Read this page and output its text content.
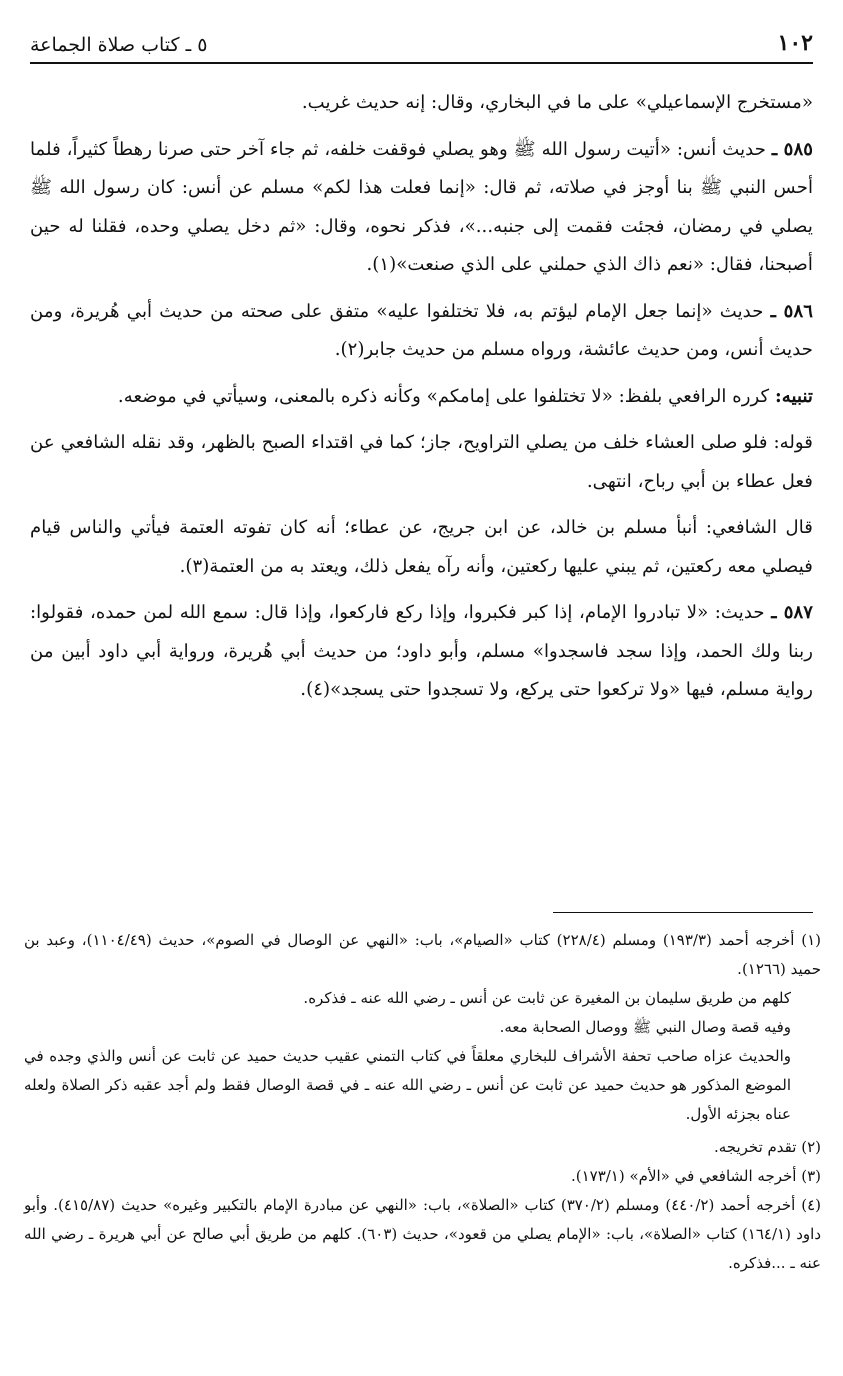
١٠٢
٥ ـ كتاب صلاة الجماعة

«مستخرج الإسماعيلي» على ما في البخاري، وقال: إنه حديث غريب.

٥٨٥ ـ حديث أنس: «أتيت رسول الله ﷺ وهو يصلي فوقفت خلفه، ثم جاء آخر حتى صرنا رهطاً كثيراً، فلما أحس النبي ﷺ بنا أوجز في صلاته، ثم قال: «إنما فعلت هذا لكم» مسلم عن أنس: كان رسول الله ﷺ يصلي في رمضان، فجئت فقمت إلى جنبه...»، فذكر نحوه، وقال: «ثم دخل يصلي وحده، فقلنا له حين أصبحنا، فقال: «نعم ذاك الذي حملني على الذي صنعت»(١).

٥٨٦ ـ حديث «إنما جعل الإمام ليؤتم به، فلا تختلفوا عليه» متفق على صحته من حديث أبي هُريرة، ومن حديث أنس، ومن حديث عائشة، ورواه مسلم من حديث جابر(٢).

تنبيه: كرره الرافعي بلفظ: «لا تختلفوا على إمامكم» وكأنه ذكره بالمعنى، وسيأتي في موضعه.

قوله: فلو صلى العشاء خلف من يصلي التراويح، جاز؛ كما في اقتداء الصبح بالظهر، وقد نقله الشافعي عن فعل عطاء بن أبي رباح، انتهى.

قال الشافعي: أنبأ مسلم بن خالد، عن ابن جريج، عن عطاء؛ أنه كان تفوته العتمة فيأتي والناس قيام فيصلي معه ركعتين، ثم يبني عليها ركعتين، وأنه رآه يفعل ذلك، ويعتد به من العتمة(٣).

٥٨٧ ـ حديث: «لا تبادروا الإمام، إذا كبر فكبروا، وإذا ركع فاركعوا، وإذا قال: سمع الله لمن حمده، فقولوا: ربنا ولك الحمد، وإذا سجد فاسجدوا» مسلم، وأبو داود؛ من حديث أبي هُريرة، ورواية أبي داود أبين من رواية مسلم، فيها «ولا تركعوا حتى يركع، ولا تسجدوا حتى يسجد»(٤).

(١) أخرجه أحمد (١٩٣/٣) ومسلم (٢٢٨/٤) كتاب «الصيام»، باب: «النهي عن الوصال في الصوم»، حديث (١١٠٤/٤٩)، وعبد بن حميد (١٢٦٦).

كلهم من طريق سليمان بن المغيرة عن ثابت عن أنس ـ رضي الله عنه ـ فذكره.

وفيه قصة وصال النبي ﷺ ووصال الصحابة معه.

والحديث عزاه صاحب تحفة الأشراف للبخاري معلقاً في كتاب التمني عقيب حديث حميد عن ثابت عن أنس والذي وجده في الموضع المذكور هو حديث حميد عن ثابت عن أنس ـ رضي الله عنه ـ في قصة الوصال فقط ولم أجد عقبه ذكر الصلاة ولعله عناه بجزئه الأول.

(٢) تقدم تخريجه.

(٣) أخرجه الشافعي في «الأم» (١٧٣/١).

(٤) أخرجه أحمد (٤٤٠/٢) ومسلم (٣٧٠/٢) كتاب «الصلاة»، باب: «النهي عن مبادرة الإمام بالتكبير وغيره» حديث (٤١٥/٨٧). وأبو داود (١٦٤/١) كتاب «الصلاة»، باب: «الإمام يصلي من قعود»، حديث (٦٠٣). كلهم من طريق أبي صالح عن أبي هريرة ـ رضي الله عنه ـ ...فذكره.
